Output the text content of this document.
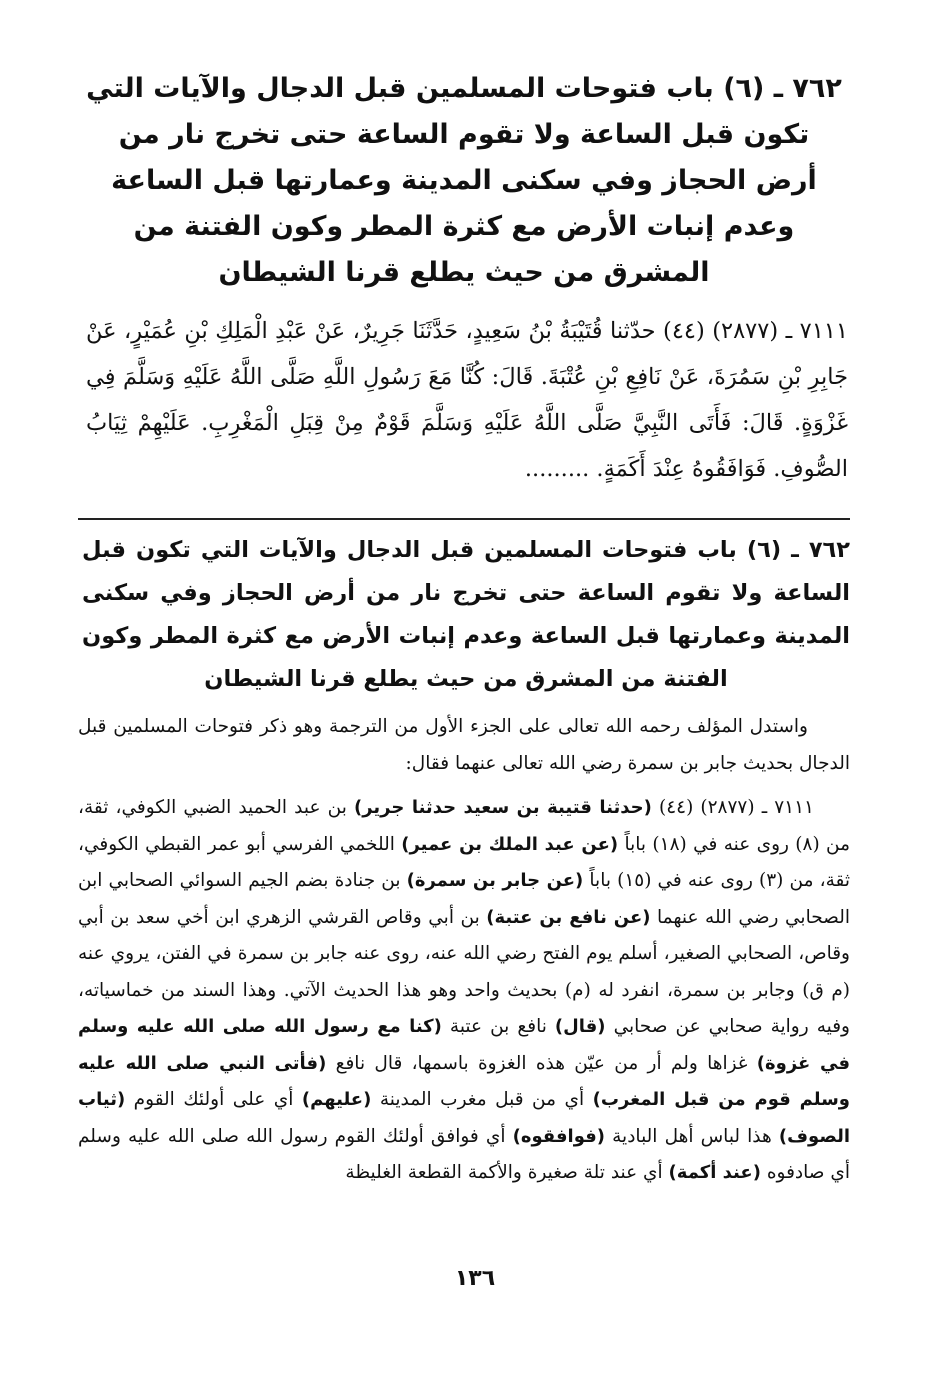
٧٦٢ ـ (٦) باب فتوحات المسلمين قبل الدجال والآيات التي تكون قبل الساعة ولا تقوم الساعة حتى تخرج نار من أرض الحجاز وفي سكنى المدينة وعمارتها قبل الساعة وعدم إنبات الأرض مع كثرة المطر وكون الفتنة من المشرق من حيث يطلع قرنا الشيطان

٧١١١ ـ (٢٨٧٧) (٤٤) حدّثنا قُتَيْبَةُ بْنُ سَعِيدٍ، حَدَّثَنَا جَرِيرٌ، عَنْ عَبْدِ الْمَلِكِ بْنِ عُمَيْرٍ، عَنْ جَابِرِ بْنِ سَمُرَةَ، عَنْ نَافِعِ بْنِ عُتْبَةَ. قَالَ: كُنَّا مَعَ رَسُولِ اللَّهِ صَلَّى اللَّهُ عَلَيْهِ وَسَلَّمَ فِي غَزْوَةٍ. قَالَ: فَأَتَى النَّبِيَّ صَلَّى اللَّهُ عَلَيْهِ وَسَلَّمَ قَوْمٌ مِنْ قِبَلِ الْمَغْرِبِ. عَلَيْهِمْ ثِيَابُ الصُّوفِ. فَوَافَقُوهُ عِنْدَ أَكَمَةٍ. .........

٧٦٢ ـ (٦) باب فتوحات المسلمين قبل الدجال والآيات التي تكون قبل الساعة ولا تقوم الساعة حتى تخرج نار من أرض الحجاز وفي سكنى المدينة وعمارتها قبل الساعة وعدم إنبات الأرض مع كثرة المطر وكون الفتنة من المشرق من حيث يطلع قرنا الشيطان

واستدل المؤلف رحمه الله تعالى على الجزء الأول من الترجمة وهو ذكر فتوحات المسلمين قبل الدجال بحديث جابر بن سمرة رضي الله تعالى عنهما فقال:

٧١١١ ـ (٢٨٧٧) (٤٤) (حدثنا قتيبة بن سعيد حدثنا جرير) بن عبد الحميد الضبي الكوفي، ثقة، من (٨) روى عنه في (١٨) باباً (عن عبد الملك بن عمير) اللخمي الفرسي أبو عمر القبطي الكوفي، ثقة، من (٣) روى عنه في (١٥) باباً (عن جابر بن سمرة) بن جنادة بضم الجيم السوائي الصحابي ابن الصحابي رضي الله عنهما (عن نافع بن عتبة) بن أبي وقاص القرشي الزهري ابن أخي سعد بن أبي وقاص، الصحابي الصغير، أسلم يوم الفتح رضي الله عنه، روى عنه جابر بن سمرة في الفتن، يروي عنه (م ق) وجابر بن سمرة، انفرد له (م) بحديث واحد وهو هذا الحديث الآتي. وهذا السند من خماسياته، وفيه رواية صحابي عن صحابي (قال) نافع بن عتبة (كنا مع رسول الله صلى الله عليه وسلم في غزوة) غزاها ولم أر من عيّن هذه الغزوة باسمها، قال نافع (فأتى النبي صلى الله عليه وسلم قوم من قبل المغرب) أي من قبل مغرب المدينة (عليهم) أي على أولئك القوم (ثياب الصوف) هذا لباس أهل البادية (فوافقوه) أي فوافق أولئك القوم رسول الله صلى الله عليه وسلم أي صادفوه (عند أكمة) أي عند تلة صغيرة والأكمة القطعة الغليظة

١٣٦
